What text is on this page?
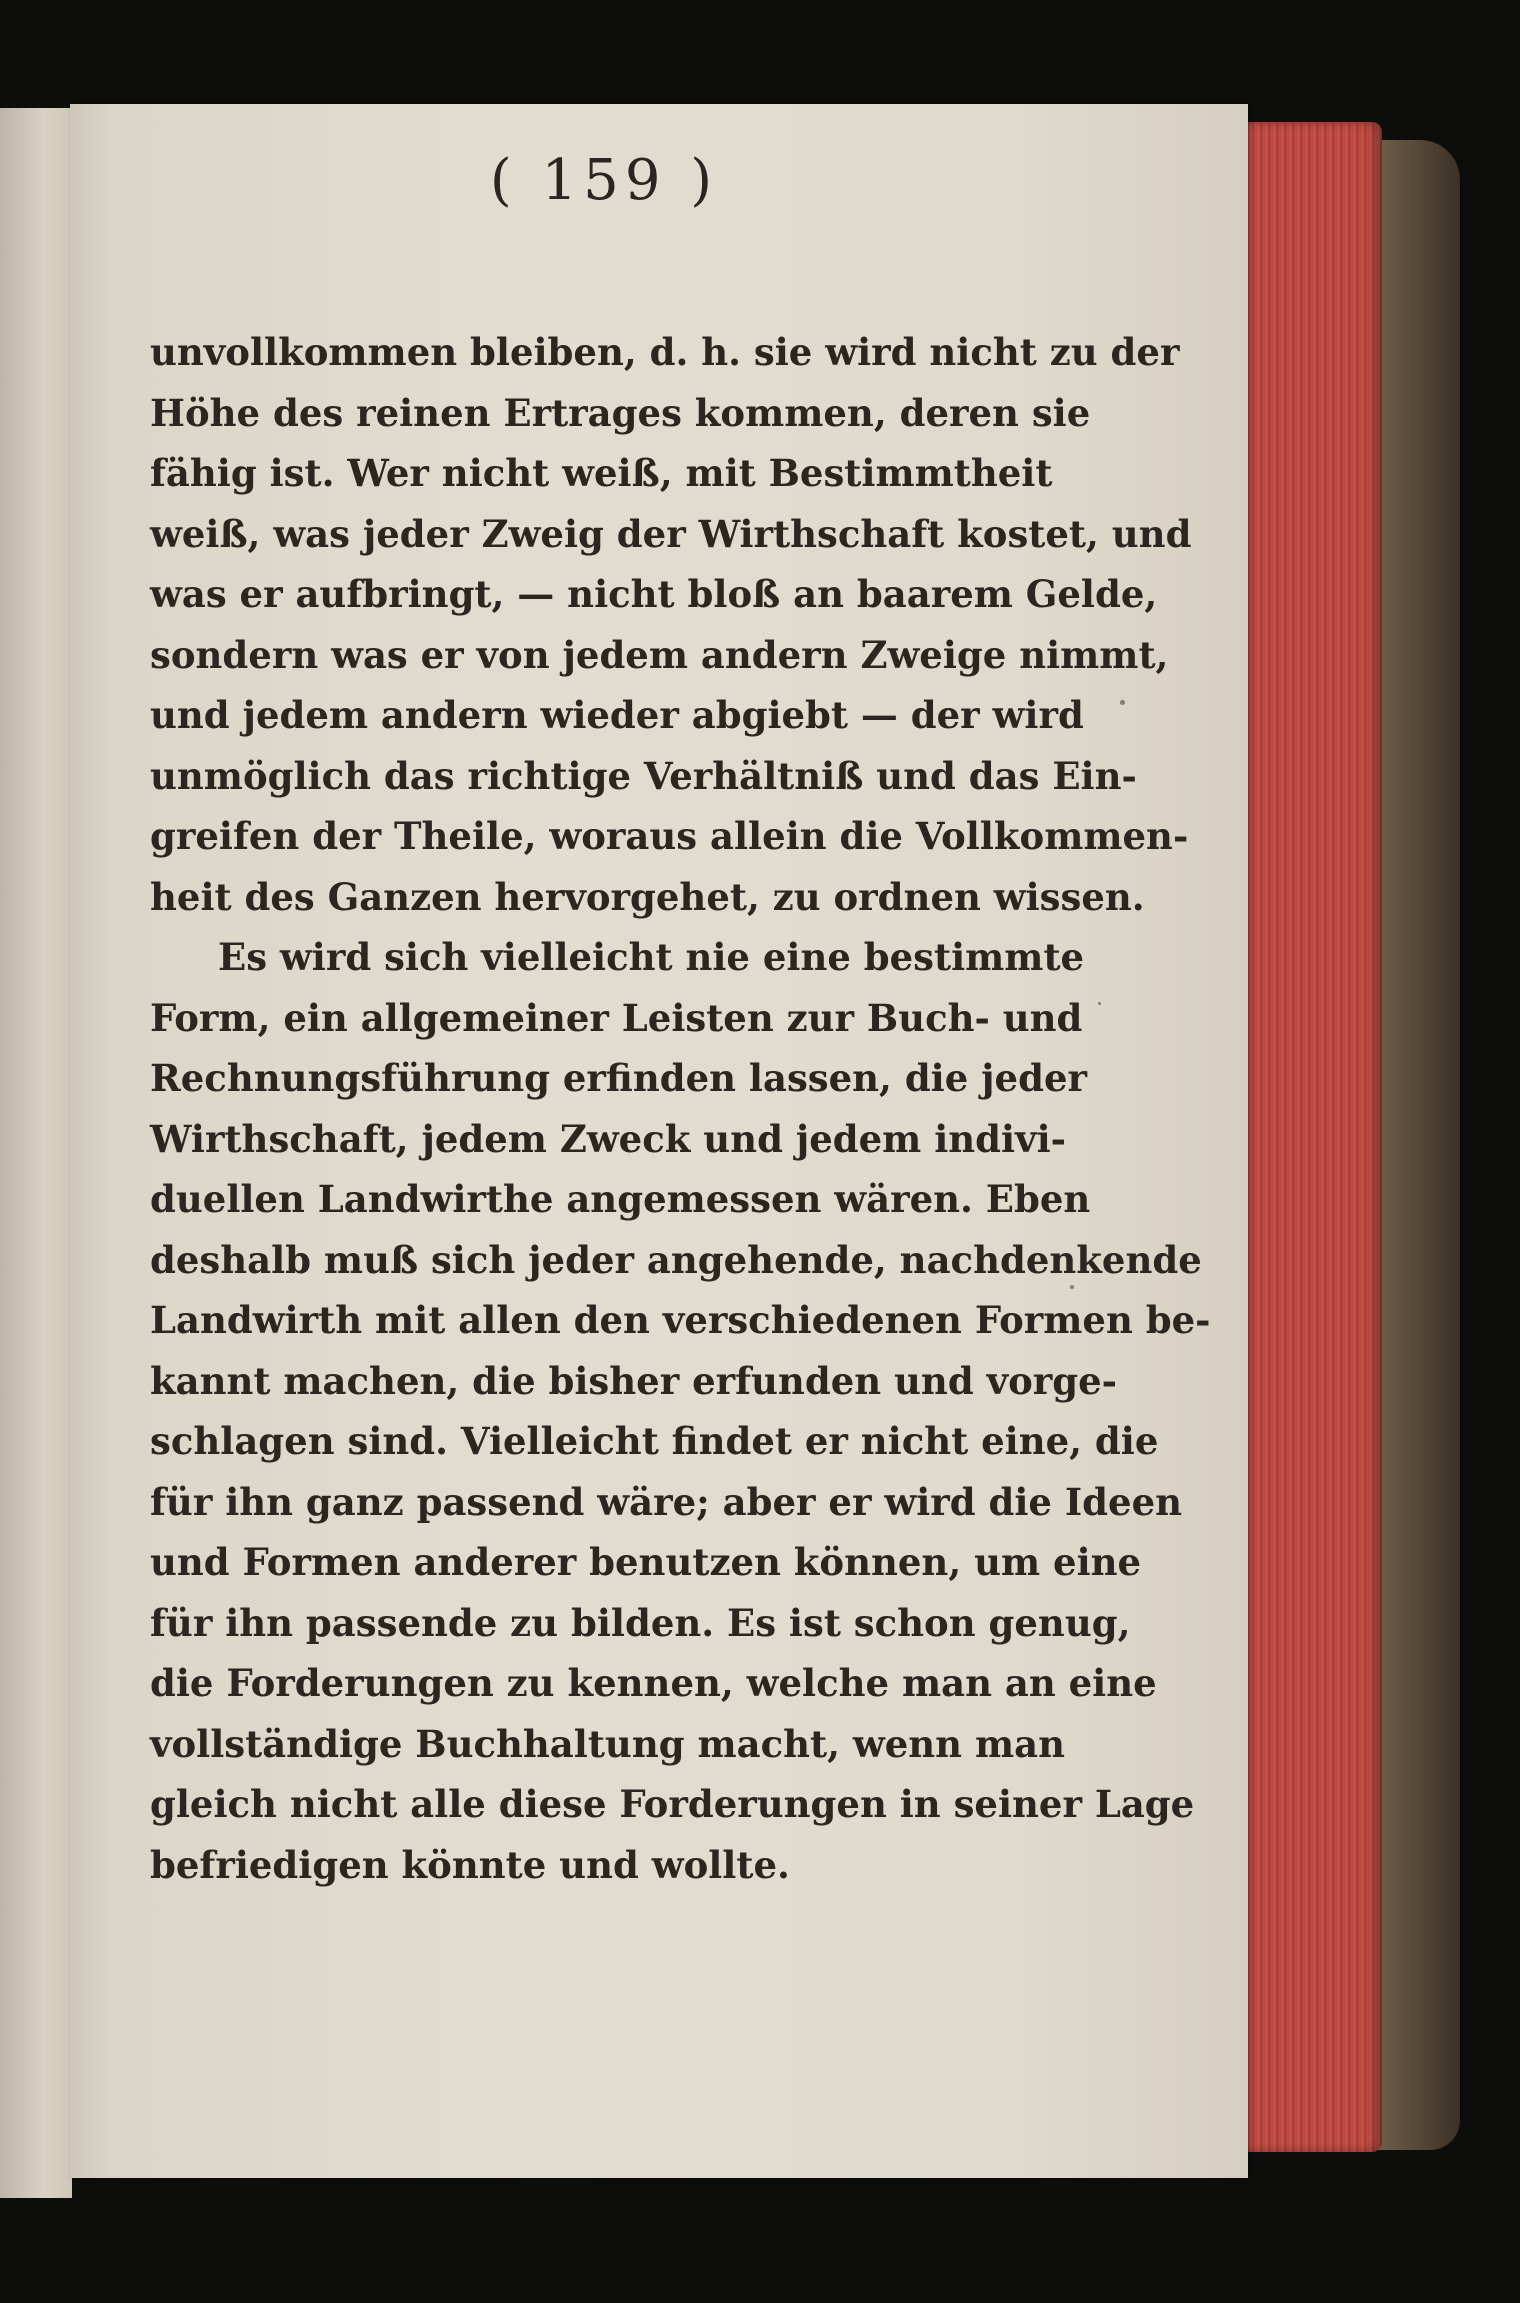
( 159 )
unvollkommen bleiben, d. h. sie wird nicht zu der
Höhe des reinen Ertrages kommen, deren sie
fähig ist. Wer nicht weiß, mit Bestimmtheit
weiß, was jeder Zweig der Wirthschaft kostet, und
was er aufbringt, — nicht bloß an baarem Gelde,
sondern was er von jedem andern Zweige nimmt,
und jedem andern wieder abgiebt — der wird
unmöglich das richtige Verhältniß und das Ein-
greifen der Theile, woraus allein die Vollkommen-
heit des Ganzen hervorgehet, zu ordnen wissen.
Es wird sich vielleicht nie eine bestimmte
Form, ein allgemeiner Leisten zur Buch- und
Rechnungsführung erfinden lassen, die jeder
Wirthschaft, jedem Zweck und jedem indivi-
duellen Landwirthe angemessen wären. Eben
deshalb muß sich jeder angehende, nachdenkende
Landwirth mit allen den verschiedenen Formen be-
kannt machen, die bisher erfunden und vorge-
schlagen sind. Vielleicht findet er nicht eine, die
für ihn ganz passend wäre; aber er wird die Ideen
und Formen anderer benutzen können, um eine
für ihn passende zu bilden. Es ist schon genug,
die Forderungen zu kennen, welche man an eine
vollständige Buchhaltung macht, wenn man
gleich nicht alle diese Forderungen in seiner Lage
befriedigen könnte und wollte.
